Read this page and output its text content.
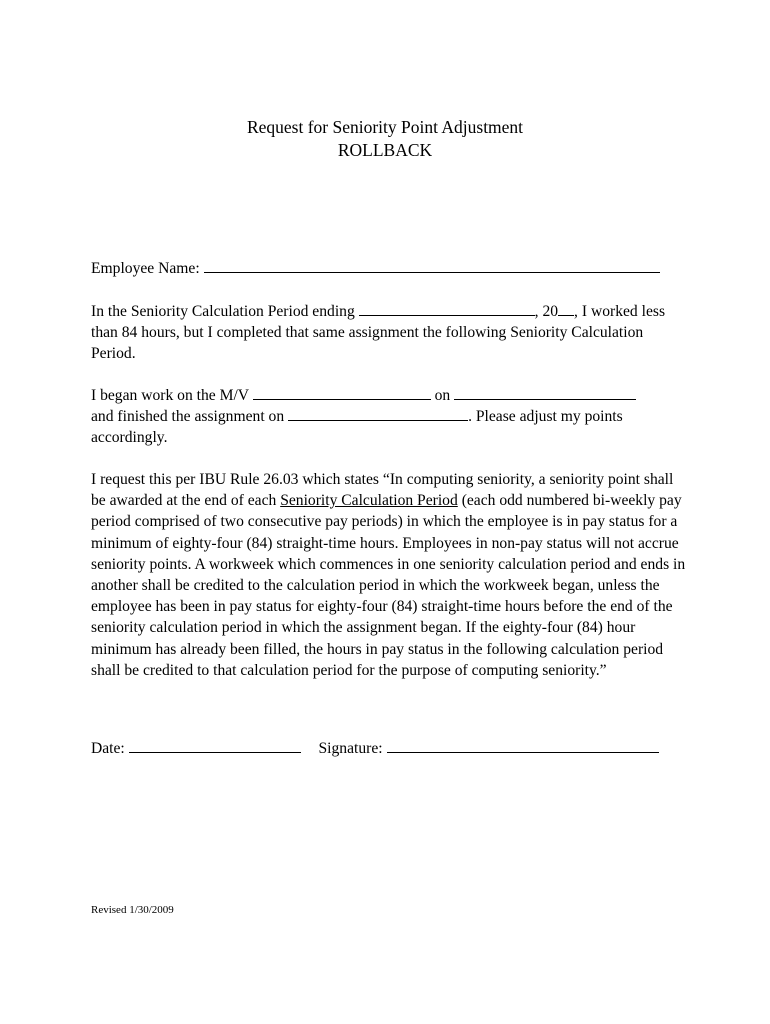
Request for Seniority Point Adjustment
ROLLBACK
Employee Name:
In the Seniority Calculation Period ending	, 20 , I worked less than 84 hours, but I completed that same assignment the following Seniority Calculation Period.
I began work on the M/V	on
and finished the assignment on	. Please adjust my points accordingly.
I request this per IBU Rule 26.03 which states “In computing seniority, a seniority point shall be awarded at the end of each Seniority Calculation Period (each odd numbered bi-weekly pay period comprised of two consecutive pay periods) in which the employee is in pay status for a minimum of eighty-four (84) straight-time hours. Employees in non-pay status will not accrue seniority points. A workweek which commences in one seniority calculation period and ends in another shall be credited to the calculation period in which the workweek began, unless the employee has been in pay status for eighty-four (84) straight-time hours before the end of the seniority calculation period in which the assignment began. If the eighty-four (84) hour minimum has already been filled, the hours in pay status in the following calculation period shall be credited to that calculation period for the purpose of computing seniority.”
Date:	Signature:
Revised 1/30/2009
